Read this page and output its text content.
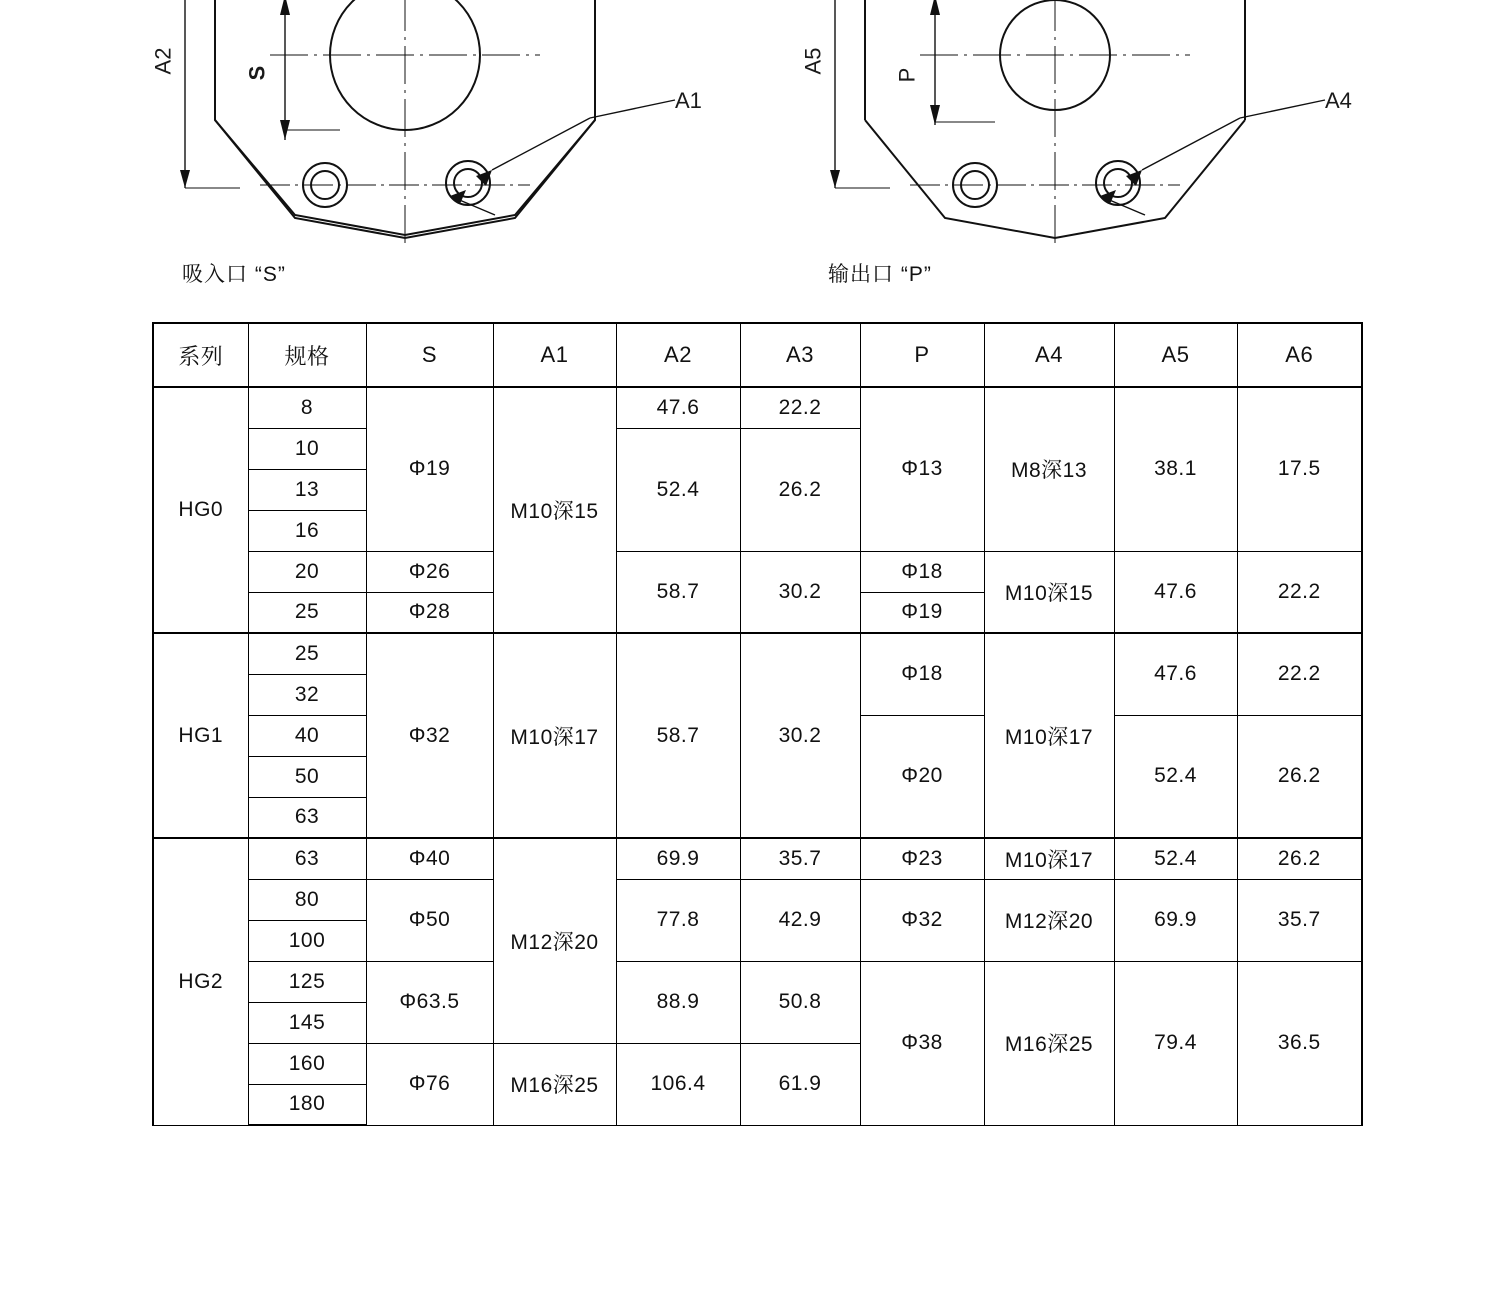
A2	S
A1
A5
P
A4
吸入口 “S”	输出口 “P”
系列	规格	S	A1	A2	A3	P	A4	A5	A6
HG0	8	Φ19	M10深15	47.6	22.2	Φ13	M8深13	38.1	17.5
	10			52.4	26.2				
	13								
	16								
	20	Φ26		58.7	30.2	Φ18	M10深15	47.6	22.2
	25	Φ28				Φ19			
HG1	25	Φ32	M10深17	58.7	30.2	Φ18	M10深17	47.6	22.2
	32								
	40					Φ20		52.4	26.2
	50								
	63								
HG2	63	Φ40	M12深20	69.9	35.7	Φ23	M10深17	52.4	26.2
	80	Φ50		77.8	42.9	Φ32	M12深20	69.9	35.7
	100								
	125	Φ63.5		88.9	50.8	Φ38	M16深25	79.4	36.5
	145								
	160	Φ76	M16深25	106.4	61.9				
	180								
